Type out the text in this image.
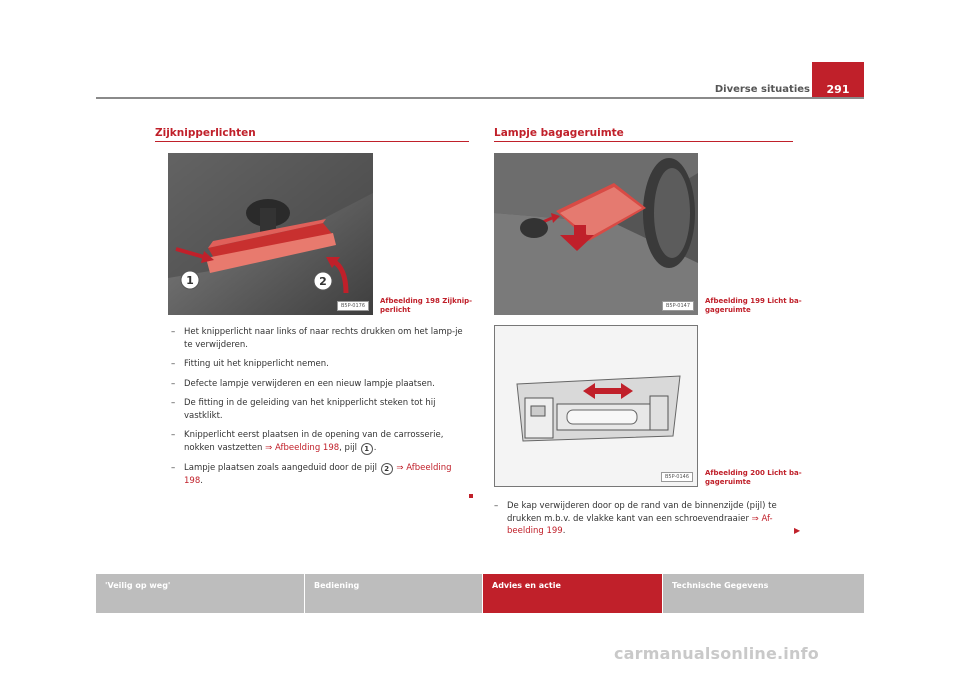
Diverse situaties	291
Zijknipperlichten
1	2
B5P-0176
Afbeelding 198 Zijknip-
perlicht
–	Het knipperlicht naar links of naar rechts drukken om het lamp-je te verwijderen.
–	Fitting uit het knipperlicht nemen.
–	Defecte lampje verwijderen en een nieuw lampje plaatsen.
–	De fitting in de geleiding van het knipperlicht steken tot hij vastklikt.
–	Knipperlicht eerst plaatsen in de opening van de carrosserie, nokken vastzetten ⇒ Afbeelding 198, pijl 1 .
–	Lampje plaatsen zoals aangeduid door de pijl 2 ⇒ Afbeelding 198.
Lampje bagageruimte
B5P-0147
Afbeelding 199 Licht ba-
gageruimte
B5P-0146	Afbeelding 200 Licht ba-
gageruimte
–	De kap verwijderen door op de rand van de binnenzijde (pijl) te drukken m.b.v. de vlakke kant van een schroevendraaier ⇒ Af-beelding 199.	▶
'Veilig op weg'	Bediening	Advies en actie	Technische Gegevens
carmanualsonline.info
